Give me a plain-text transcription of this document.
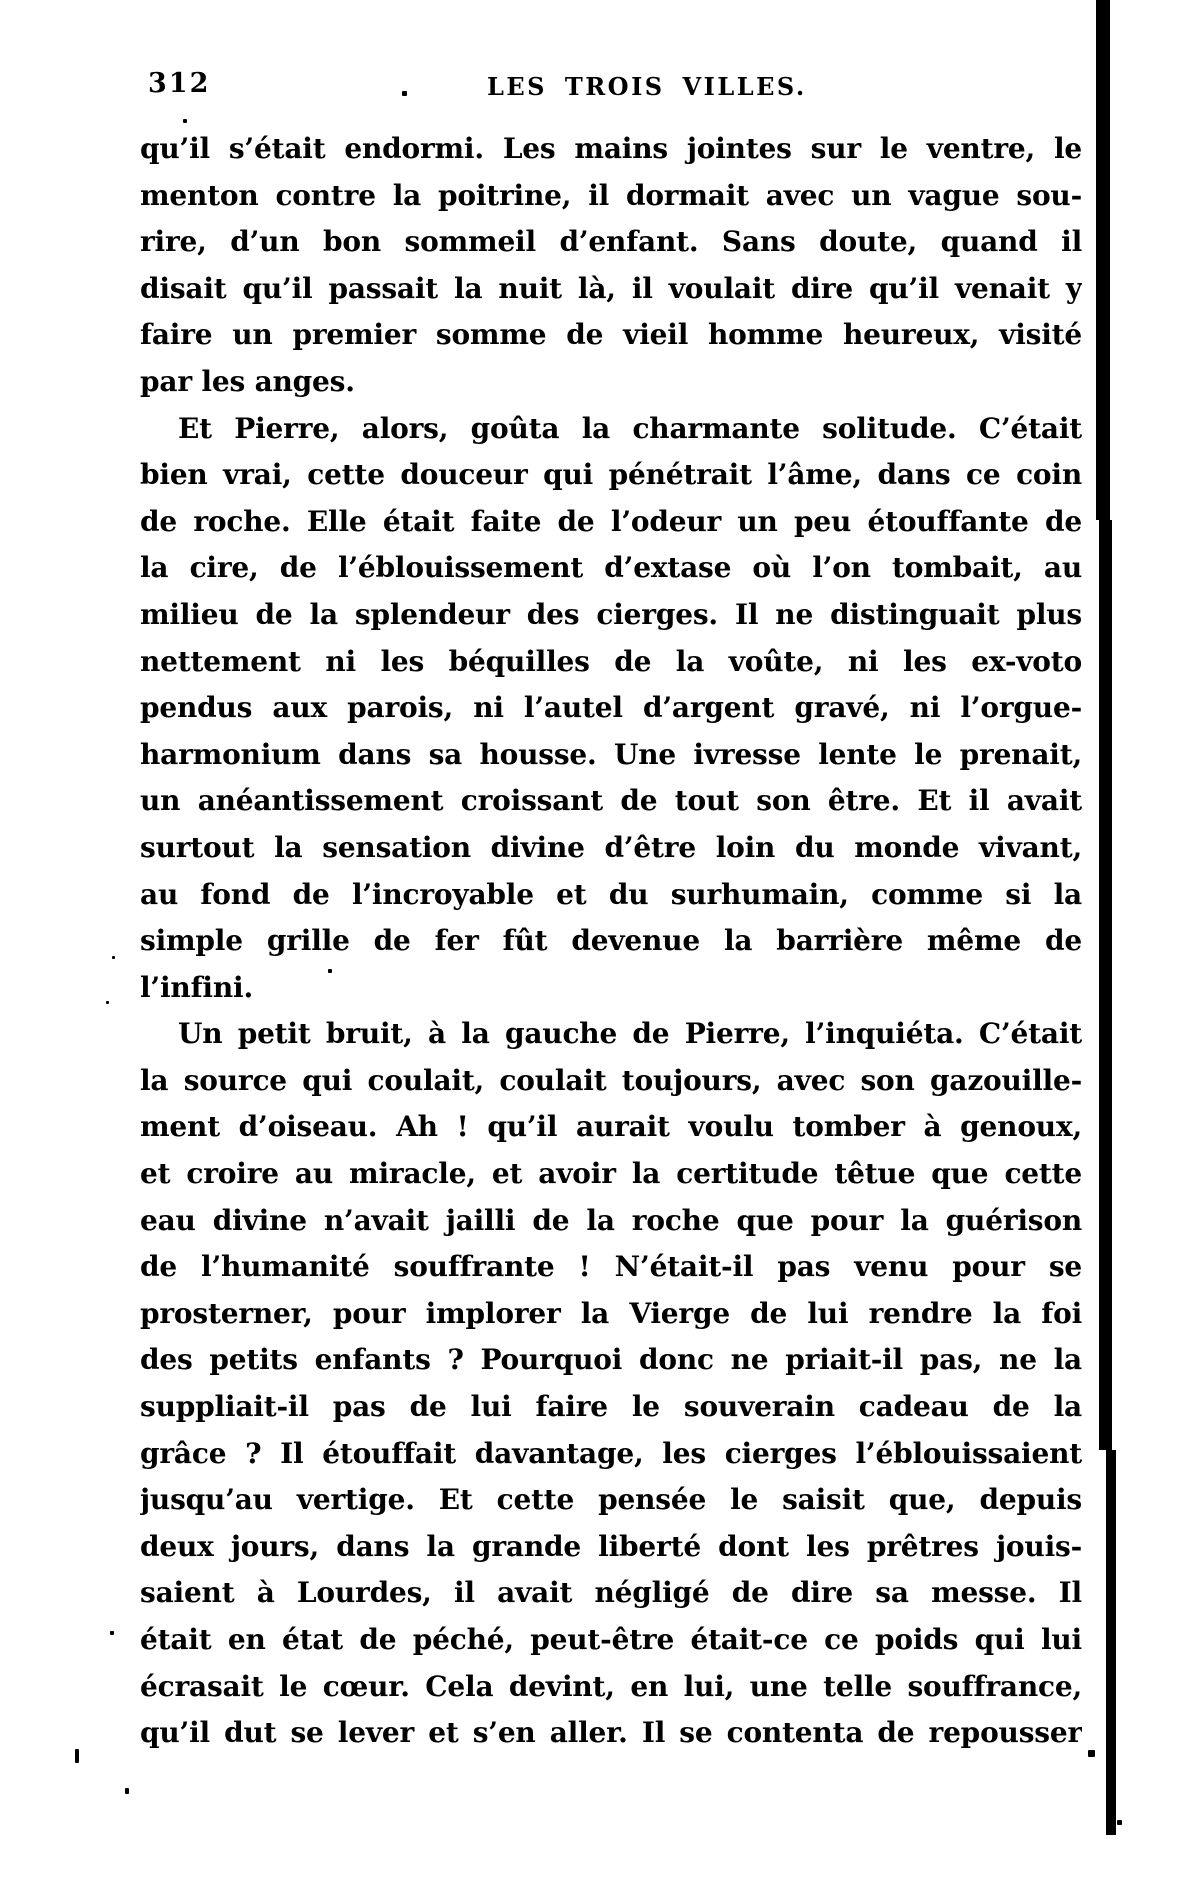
312	LES TROIS VILLES.
qu’il s’était endormi. Les mains jointes sur le ventre, le
menton contre la poitrine, il dormait avec un vague sou-
rire, d’un bon sommeil d’enfant. Sans doute, quand il
disait qu’il passait la nuit là, il voulait dire qu’il venait y
faire un premier somme de vieil homme heureux, visité
par les anges.
Et Pierre, alors, goûta la charmante solitude. C’était
bien vrai, cette douceur qui pénétrait l’âme, dans ce coin
de roche. Elle était faite de l’odeur un peu étouffante de
la cire, de l’éblouissement d’extase où l’on tombait, au
milieu de la splendeur des cierges. Il ne distinguait plus
nettement ni les béquilles de la voûte, ni les ex-voto
pendus aux parois, ni l’autel d’argent gravé, ni l’orgue-
harmonium dans sa housse. Une ivresse lente le prenait,
un anéantissement croissant de tout son être. Et il avait
surtout la sensation divine d’être loin du monde vivant,
au fond de l’incroyable et du surhumain, comme si la
simple grille de fer fût devenue la barrière même de
l’infini.
Un petit bruit, à la gauche de Pierre, l’inquiéta. C’était
la source qui coulait, coulait toujours, avec son gazouille-
ment d’oiseau. Ah ! qu’il aurait voulu tomber à genoux,
et croire au miracle, et avoir la certitude têtue que cette
eau divine n’avait jailli de la roche que pour la guérison
de l’humanité souffrante ! N’était-il pas venu pour se
prosterner, pour implorer la Vierge de lui rendre la foi
des petits enfants ? Pourquoi donc ne priait-il pas, ne la
suppliait-il pas de lui faire le souverain cadeau de la
grâce ? Il étouffait davantage, les cierges l’éblouissaient
jusqu’au vertige. Et cette pensée le saisit que, depuis
deux jours, dans la grande liberté dont les prêtres jouis-
saient à Lourdes, il avait négligé de dire sa messe. Il
était en état de péché, peut-être était-ce ce poids qui lui
écrasait le cœur. Cela devint, en lui, une telle souffrance,
qu’il dut se lever et s’en aller. Il se contenta de repousser
